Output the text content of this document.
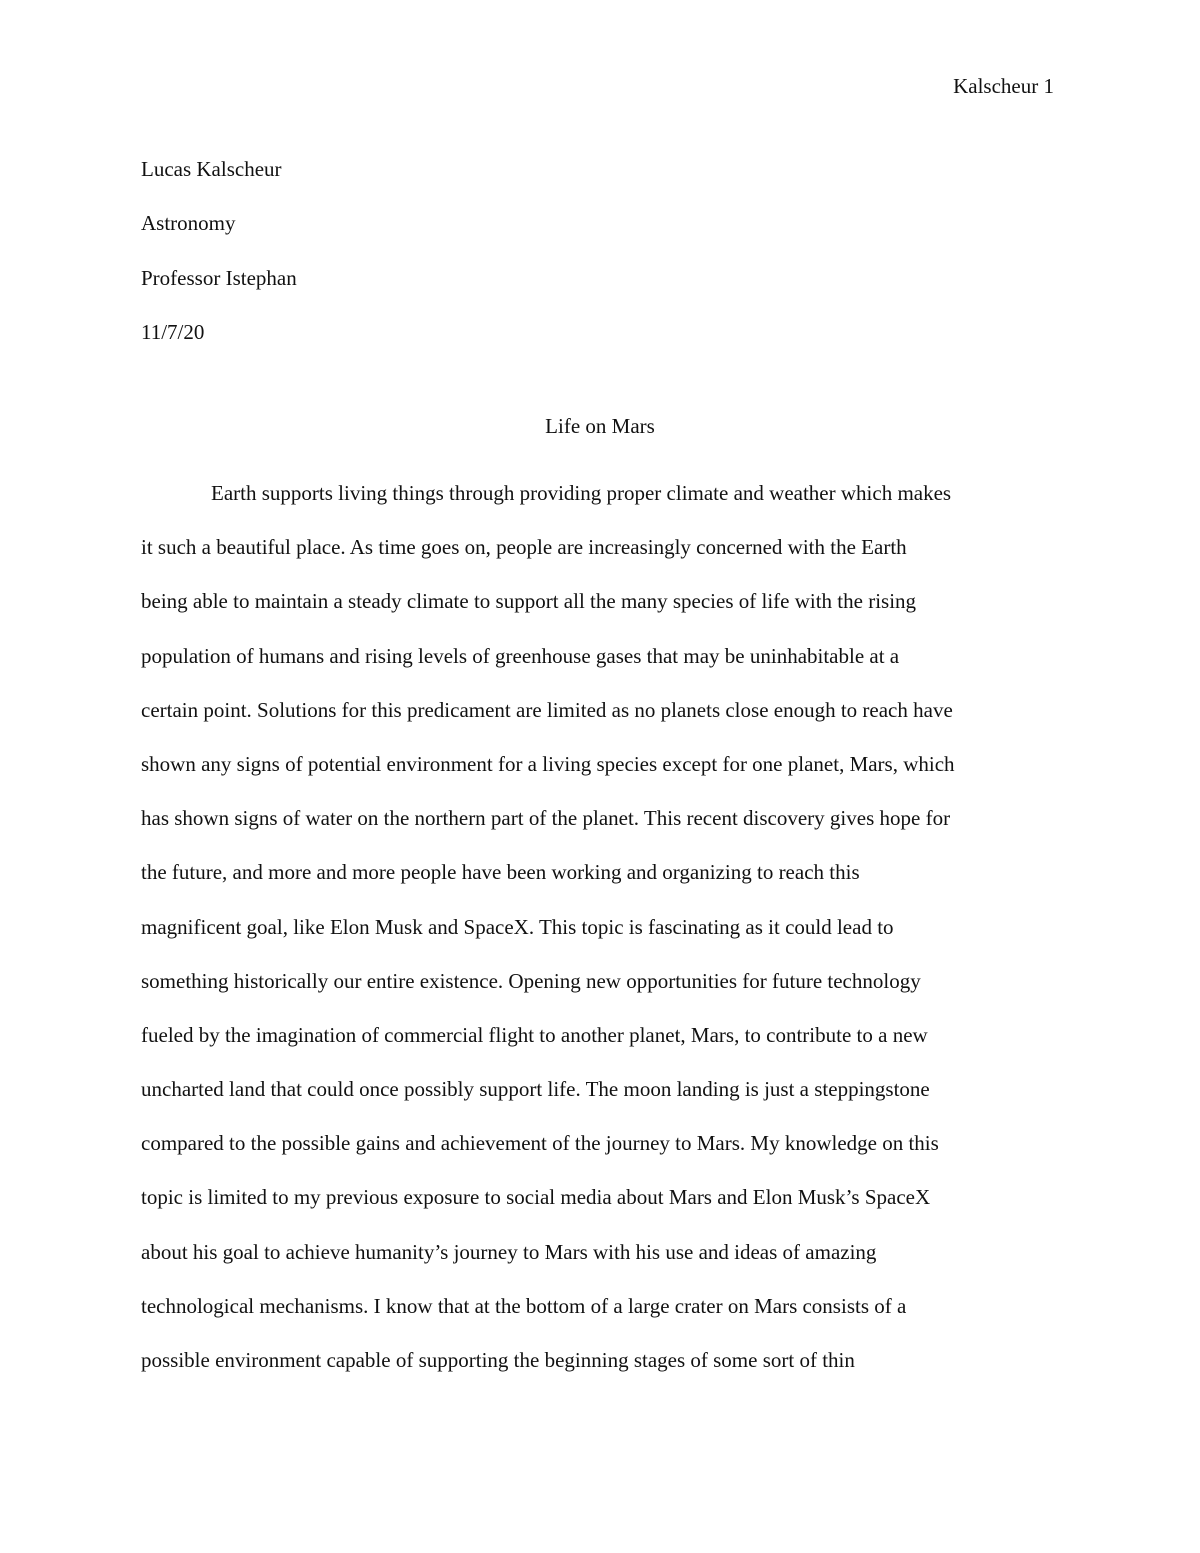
Kalscheur 1
Lucas Kalscheur
Astronomy
Professor Istephan
11/7/20
Life on Mars
Earth supports living things through providing proper climate and weather which makes
it such a beautiful place. As time goes on, people are increasingly concerned with the Earth
being able to maintain a steady climate to support all the many species of life with the rising
population of humans and rising levels of greenhouse gases that may be uninhabitable at a
certain point. Solutions for this predicament are limited as no planets close enough to reach have
shown any signs of potential environment for a living species except for one planet, Mars, which
has shown signs of water on the northern part of the planet. This recent discovery gives hope for
the future, and more and more people have been working and organizing to reach this
magnificent goal, like Elon Musk and SpaceX. This topic is fascinating as it could lead to
something historically our entire existence. Opening new opportunities for future technology
fueled by the imagination of commercial flight to another planet, Mars, to contribute to a new
uncharted land that could once possibly support life. The moon landing is just a steppingstone
compared to the possible gains and achievement of the journey to Mars. My knowledge on this
topic is limited to my previous exposure to social media about Mars and Elon Musk’s SpaceX
about his goal to achieve humanity’s journey to Mars with his use and ideas of amazing
technological mechanisms. I know that at the bottom of a large crater on Mars consists of a
possible environment capable of supporting the beginning stages of some sort of thin
